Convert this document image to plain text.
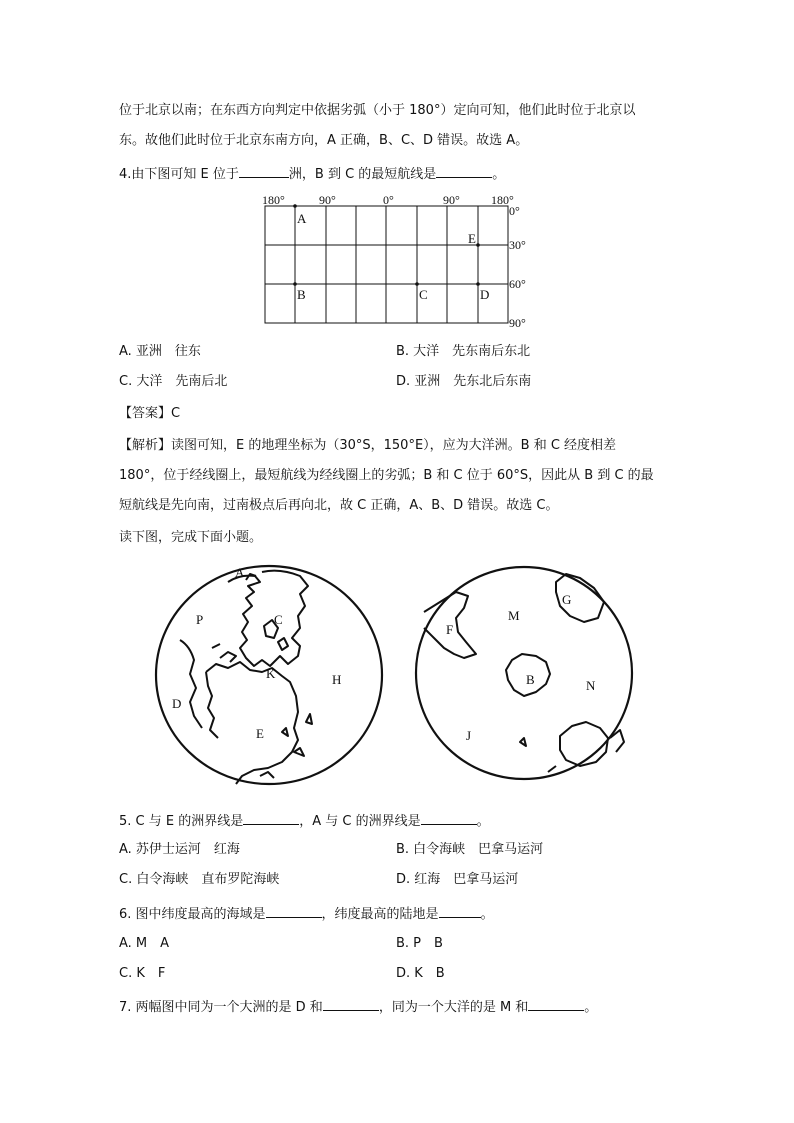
位于北京以南；在东西方向判定中依据劣弧（小于 180°）定向可知，他们此时位于北京以
东。故他们此时位于北京东南方向，A 正确，B、C、D 错误。故选 A。
4.由下图可知 E 位于	洲，B 到 C 的最短航线是	。
180°	90°	0°	90°	180°
0°
30°
60°
90°
A
B	C	D
E
A. 亚洲　往东	B. 大洋　先东南后东北
C. 大洋　先南后北	D. 亚洲　先东北后东南
【答案】C
【解析】读图可知，E 的地理坐标为（30°S，150°E），应为大洋洲。B 和 C 经度相差
180°，位于经线圈上，最短航线为经线圈上的劣弧；B 和 C 位于 60°S，因此从 B 到 C 的最
短航线是先向南，过南极点后再向北，故 C 正确，A、B、D 错误。故选 C。
读下图，完成下面小题。
A
P	C
K
D
E
H
F
M
G
B	N
J
5. C 与 E 的洲界线是	，A 与 C 的洲界线是	。
A. 苏伊士运河　红海	B. 白令海峡　巴拿马运河
C. 白令海峡　直布罗陀海峡	D. 红海　巴拿马运河
6. 图中纬度最高的海域是	，纬度最高的陆地是	。
A. M　A	B. P　B
C. K　F	D. K　B
7. 两幅图中同为一个大洲的是 D 和	，同为一个大洋的是 M 和	。
